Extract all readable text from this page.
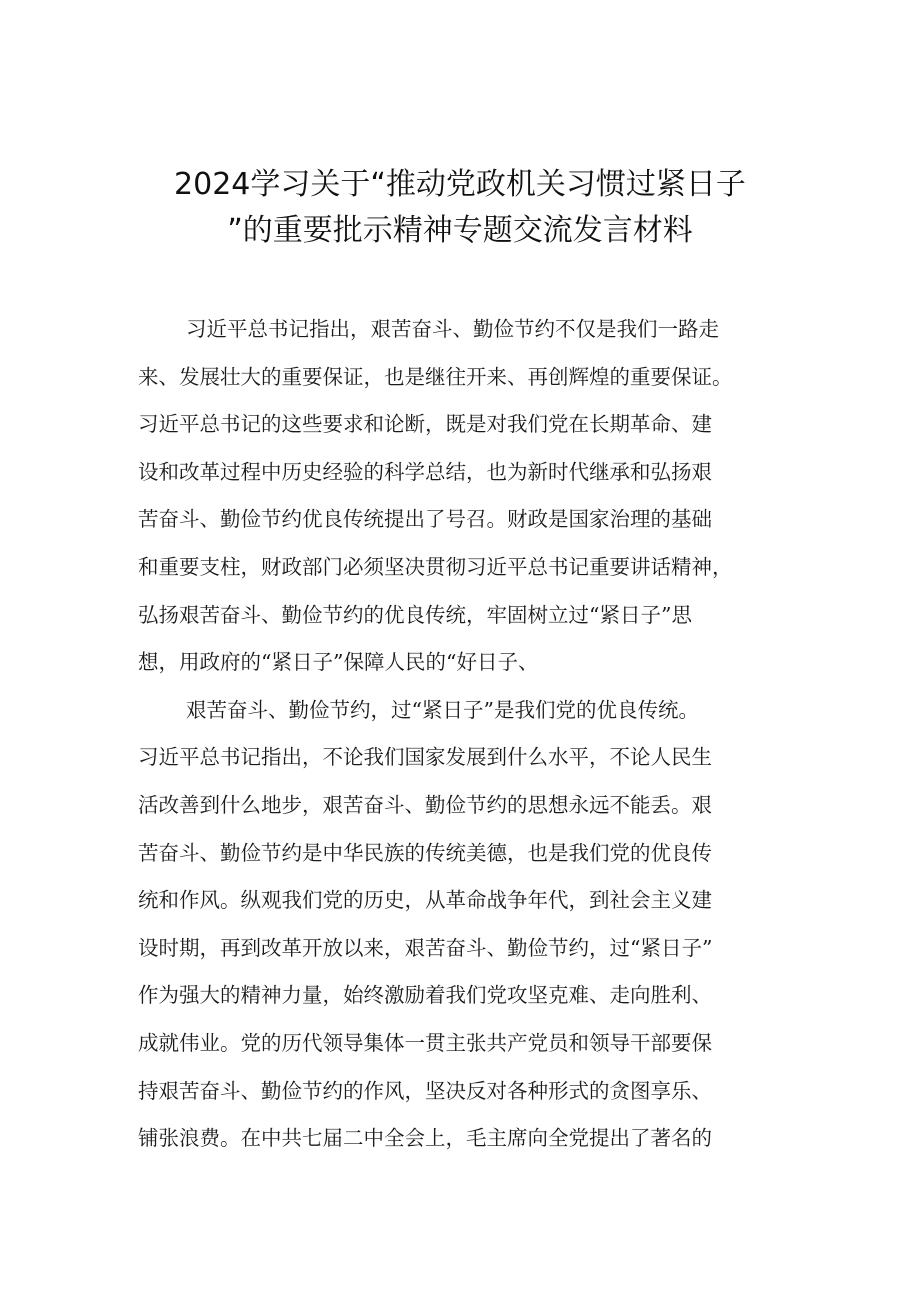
2024学习关于“推动党政机关习惯过紧日子
”的重要批示精神专题交流发言材料
习近平总书记指出，艰苦奋斗、勤俭节约不仅是我们一路走
来、发展壮大的重要保证，也是继往开来、再创辉煌的重要保证。
习近平总书记的这些要求和论断，既是对我们党在长期革命、建
设和改革过程中历史经验的科学总结，也为新时代继承和弘扬艰
苦奋斗、勤俭节约优良传统提出了号召。财政是国家治理的基础
和重要支柱，财政部门必须坚决贯彻习近平总书记重要讲话精神，
弘扬艰苦奋斗、勤俭节约的优良传统，牢固树立过“紧日子”思
想，用政府的“紧日子”保障人民的“好日子、
艰苦奋斗、勤俭节约，过“紧日子”是我们党的优良传统。
习近平总书记指出，不论我们国家发展到什么水平，不论人民生
活改善到什么地步，艰苦奋斗、勤俭节约的思想永远不能丢。艰
苦奋斗、勤俭节约是中华民族的传统美德，也是我们党的优良传
统和作风。纵观我们党的历史，从革命战争年代，到社会主义建
设时期，再到改革开放以来，艰苦奋斗、勤俭节约，过“紧日子”
作为强大的精神力量，始终激励着我们党攻坚克难、走向胜利、
成就伟业。党的历代领导集体一贯主张共产党员和领导干部要保
持艰苦奋斗、勤俭节约的作风，坚决反对各种形式的贪图享乐、
铺张浪费。在中共七届二中全会上，毛主席向全党提出了著名的
